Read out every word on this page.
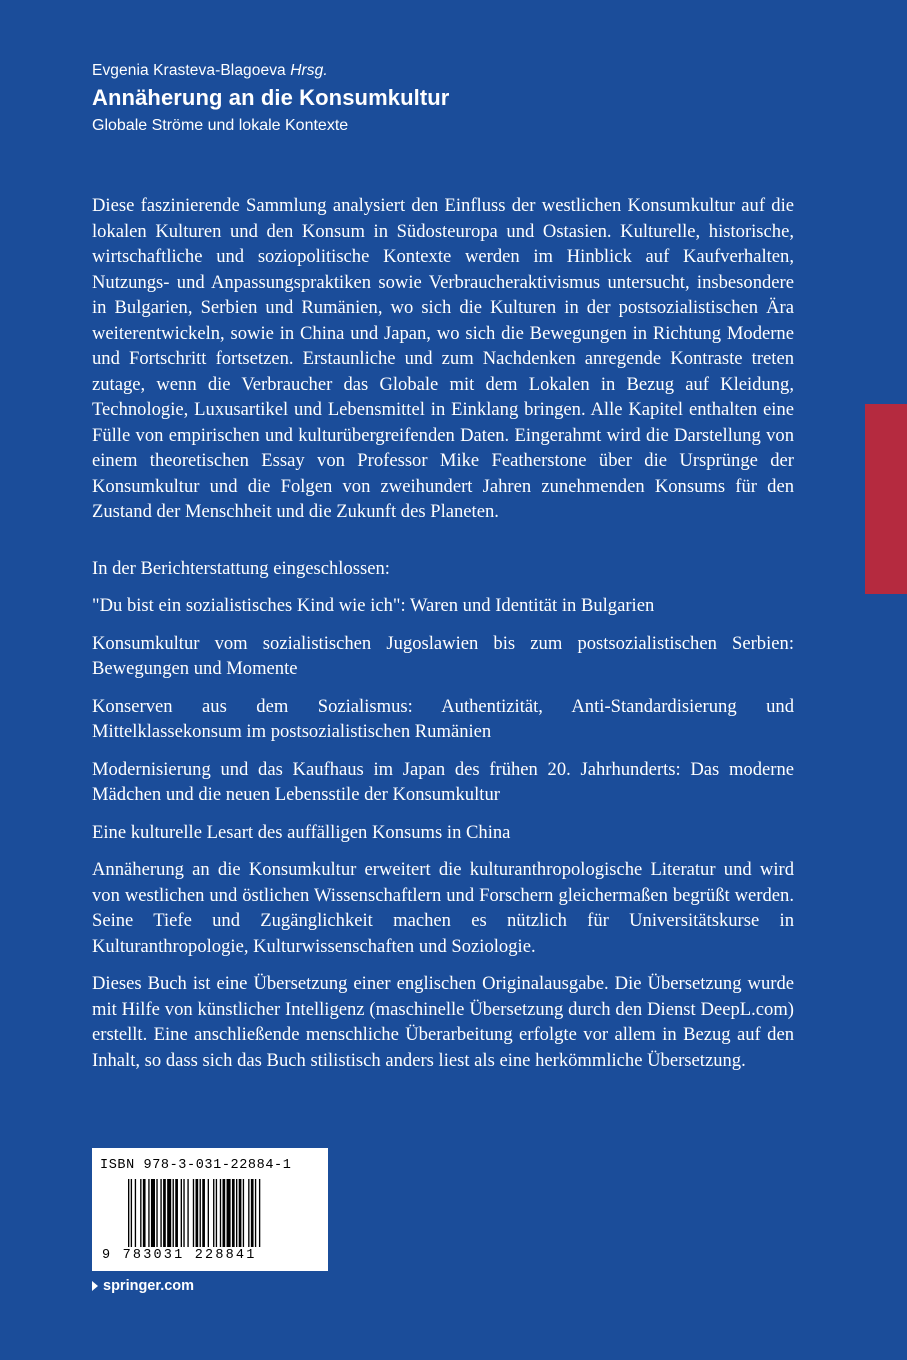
Evgenia Krasteva-Blagoeva Hrsg.
Annäherung an die Konsumkultur
Globale Ströme und lokale Kontexte

Diese faszinierende Sammlung analysiert den Einfluss der westlichen Konsumkultur auf die lokalen Kulturen und den Konsum in Südosteuropa und Ostasien. Kulturelle, historische, wirtschaftliche und soziopolitische Kontexte werden im Hinblick auf Kaufverhalten, Nutzungs- und Anpassungspraktiken sowie Verbraucheraktivismus untersucht, insbesondere in Bulgarien, Serbien und Rumänien, wo sich die Kulturen in der postsozialistischen Ära weiterentwickeln, sowie in China und Japan, wo sich die Bewegungen in Richtung Moderne und Fortschritt fortsetzen. Erstaunliche und zum Nachdenken anregende Kontraste treten zutage, wenn die Verbraucher das Globale mit dem Lokalen in Bezug auf Kleidung, Technologie, Luxusartikel und Lebensmittel in Einklang bringen. Alle Kapitel enthalten eine Fülle von empirischen und kulturübergreifenden Daten. Eingerahmt wird die Darstellung von einem theoretischen Essay von Professor Mike Featherstone über die Ursprünge der Konsumkultur und die Folgen von zweihundert Jahren zunehmenden Konsums für den Zustand der Menschheit und die Zukunft des Planeten.

In der Berichterstattung eingeschlossen:

"Du bist ein sozialistisches Kind wie ich": Waren und Identität in Bulgarien

Konsumkultur vom sozialistischen Jugoslawien bis zum postsozialistischen Serbien: Bewegungen und Momente

Konserven aus dem Sozialismus: Authentizität, Anti-Standardisierung und Mittelklassekonsum im postsozialistischen Rumänien

Modernisierung und das Kaufhaus im Japan des frühen 20. Jahrhunderts: Das moderne Mädchen und die neuen Lebensstile der Konsumkultur

Eine kulturelle Lesart des auffälligen Konsums in China

Annäherung an die Konsumkultur erweitert die kulturanthropologische Literatur und wird von westlichen und östlichen Wissenschaftlern und Forschern gleichermaßen begrüßt werden. Seine Tiefe und Zugänglichkeit machen es nützlich für Universitätskurse in Kulturanthropologie, Kulturwissenschaften und Soziologie.

Dieses Buch ist eine Übersetzung einer englischen Originalausgabe. Die Übersetzung wurde mit Hilfe von künstlicher Intelligenz (maschinelle Übersetzung durch den Dienst DeepL.com) erstellt. Eine anschließende menschliche Überarbeitung erfolgte vor allem in Bezug auf den Inhalt, so dass sich das Buch stilistisch anders liest als eine herkömmliche Übersetzung.

ISBN 978-3-031-22884-1
9 783031 228841
springer.com
